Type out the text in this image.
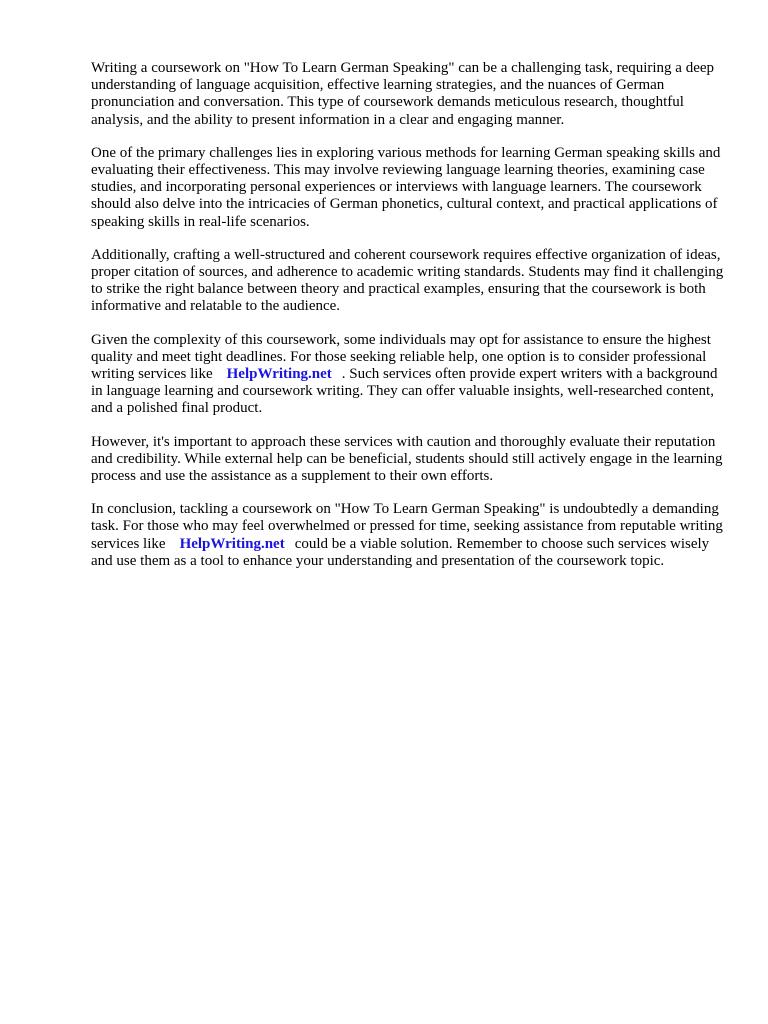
Writing a coursework on "How To Learn German Speaking" can be a challenging task, requiring a deep understanding of language acquisition, effective learning strategies, and the nuances of German pronunciation and conversation. This type of coursework demands meticulous research, thoughtful analysis, and the ability to present information in a clear and engaging manner.

One of the primary challenges lies in exploring various methods for learning German speaking skills and evaluating their effectiveness. This may involve reviewing language learning theories, examining case studies, and incorporating personal experiences or interviews with language learners. The coursework should also delve into the intricacies of German phonetics, cultural context, and practical applications of speaking skills in real-life scenarios.

Additionally, crafting a well-structured and coherent coursework requires effective organization of ideas, proper citation of sources, and adherence to academic writing standards. Students may find it challenging to strike the right balance between theory and practical examples, ensuring that the coursework is both informative and relatable to the audience.

Given the complexity of this coursework, some individuals may opt for assistance to ensure the highest quality and meet tight deadlines. For those seeking reliable help, one option is to consider professional writing services like HelpWriting.net . Such services often provide expert writers with a background in language learning and coursework writing. They can offer valuable insights, well-researched content, and a polished final product.

However, it's important to approach these services with caution and thoroughly evaluate their reputation and credibility. While external help can be beneficial, students should still actively engage in the learning process and use the assistance as a supplement to their own efforts.

In conclusion, tackling a coursework on "How To Learn German Speaking" is undoubtedly a demanding task. For those who may feel overwhelmed or pressed for time, seeking assistance from reputable writing services like HelpWriting.net could be a viable solution. Remember to choose such services wisely and use them as a tool to enhance your understanding and presentation of the coursework topic.
